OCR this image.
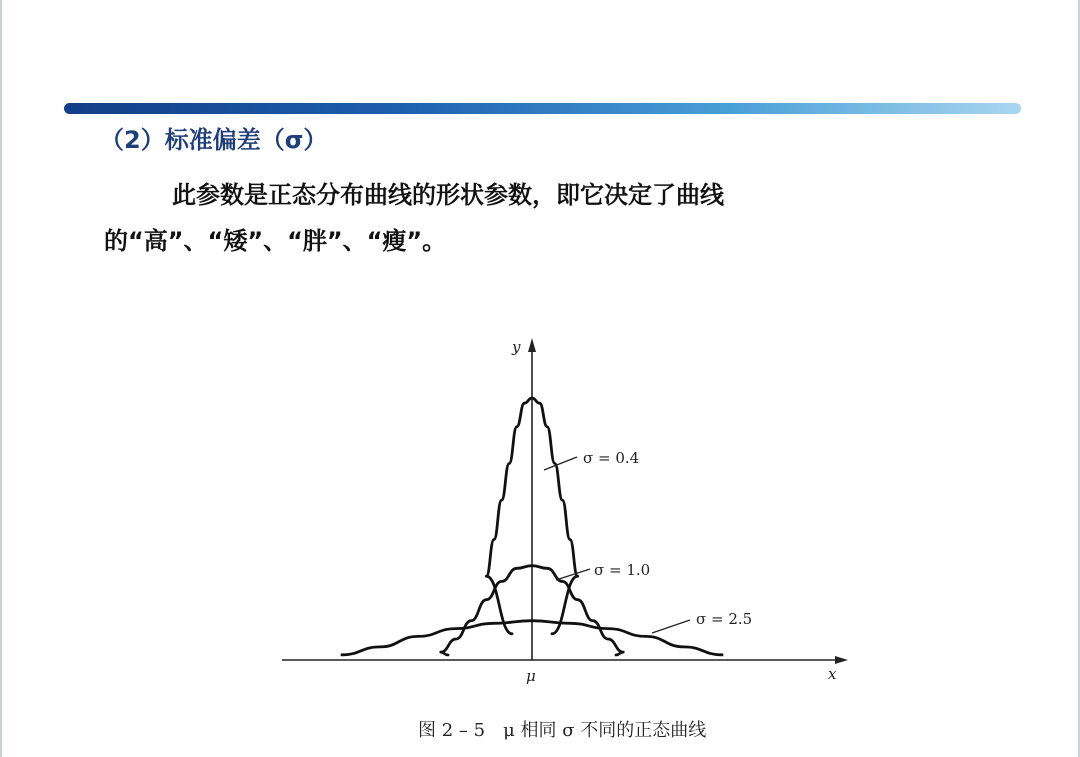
（2）标准偏差（σ）
此参数是正态分布曲线的形状参数，即它决定了曲线的“高”、“矮”、“胖”、“瘦”。
y
x
μ
σ = 0.4
σ = 1.0
σ = 2.5
图 2 – 5　μ 相同 σ 不同的正态曲线
